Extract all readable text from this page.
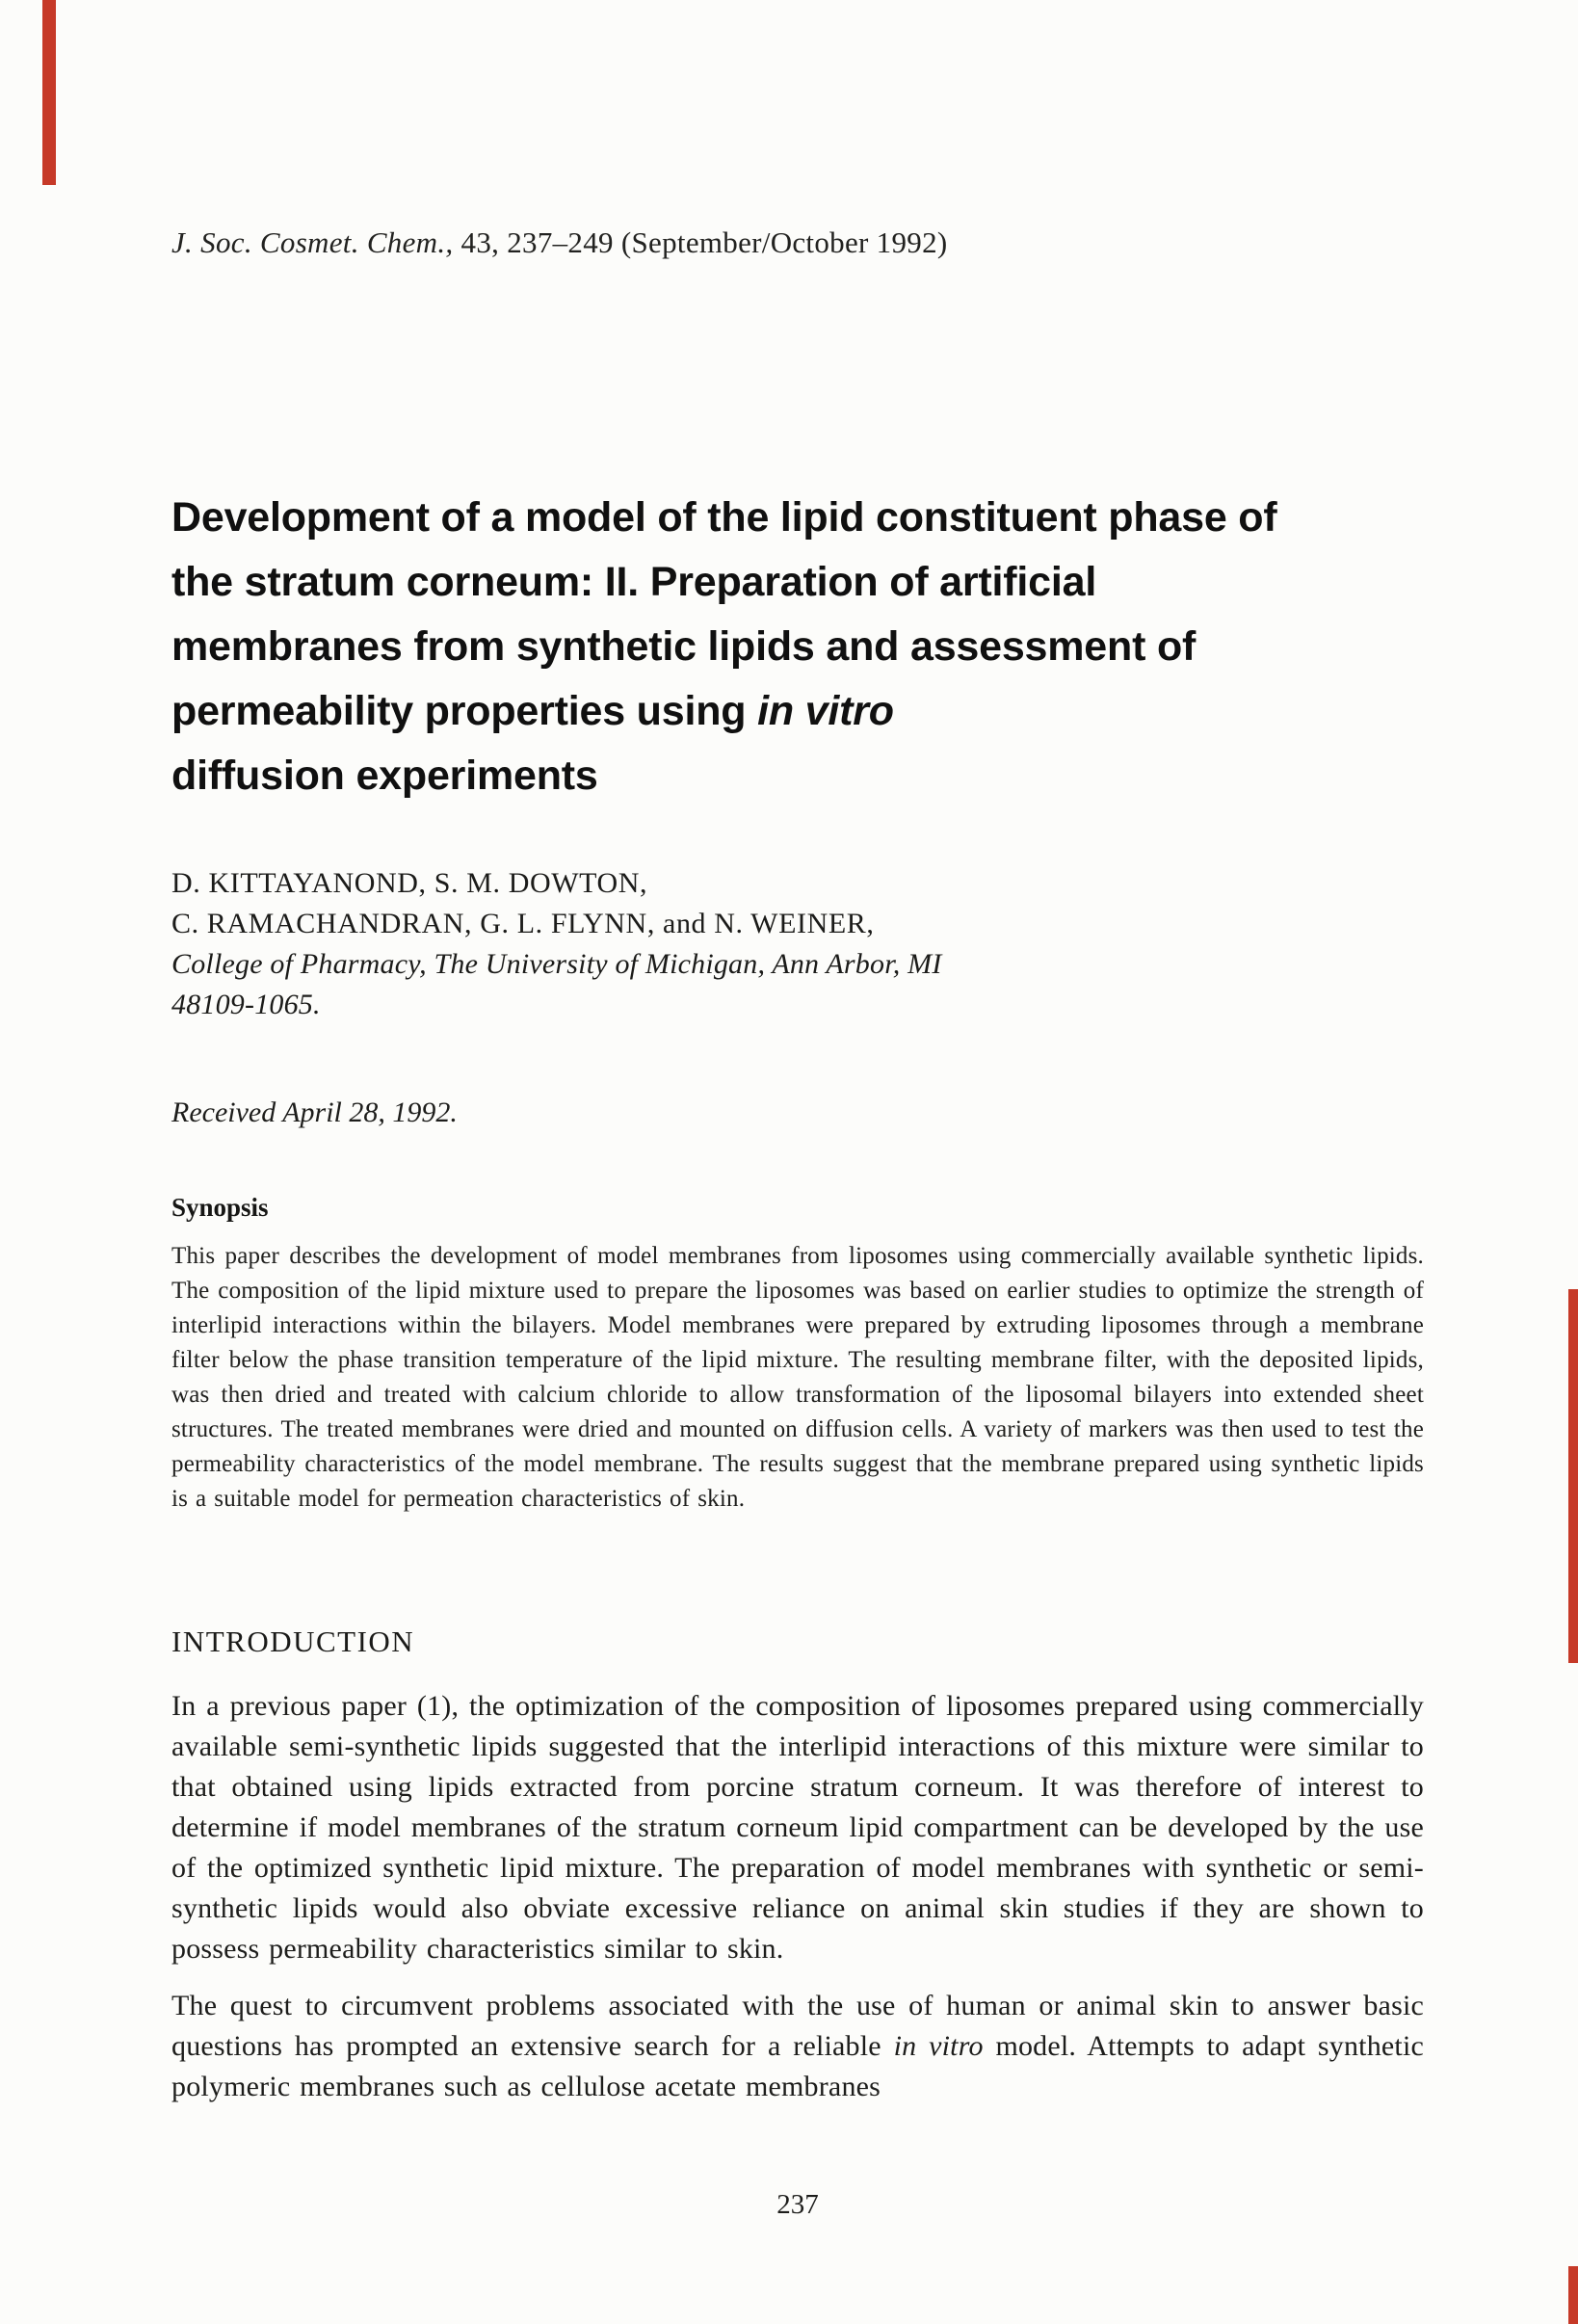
J. Soc. Cosmet. Chem., 43, 237–249 (September/October 1992)
Development of a model of the lipid constituent phase of
the stratum corneum: II. Preparation of artificial
membranes from synthetic lipids and assessment of
permeability properties using in vitro
diffusion experiments
D. KITTAYANOND, S. M. DOWTON,
C. RAMACHANDRAN, G. L. FLYNN, and N. WEINER,
College of Pharmacy, The University of Michigan, Ann Arbor, MI
48109-1065.
Received April 28, 1992.
Synopsis
This paper describes the development of model membranes from liposomes using commercially available synthetic lipids. The composition of the lipid mixture used to prepare the liposomes was based on earlier studies to optimize the strength of interlipid interactions within the bilayers. Model membranes were prepared by extruding liposomes through a membrane filter below the phase transition temperature of the lipid mixture. The resulting membrane filter, with the deposited lipids, was then dried and treated with calcium chloride to allow transformation of the liposomal bilayers into extended sheet structures. The treated membranes were dried and mounted on diffusion cells. A variety of markers was then used to test the permeability characteristics of the model membrane. The results suggest that the membrane prepared using synthetic lipids is a suitable model for permeation characteristics of skin.
INTRODUCTION

In a previous paper (1), the optimization of the composition of liposomes prepared using commercially available semi-synthetic lipids suggested that the interlipid interactions of this mixture were similar to that obtained using lipids extracted from porcine stratum corneum. It was therefore of interest to determine if model membranes of the stratum corneum lipid compartment can be developed by the use of the optimized synthetic lipid mixture. The preparation of model membranes with synthetic or semi-synthetic lipids would also obviate excessive reliance on animal skin studies if they are shown to possess permeability characteristics similar to skin.

The quest to circumvent problems associated with the use of human or animal skin to answer basic questions has prompted an extensive search for a reliable in vitro model. Attempts to adapt synthetic polymeric membranes such as cellulose acetate membranes

237
